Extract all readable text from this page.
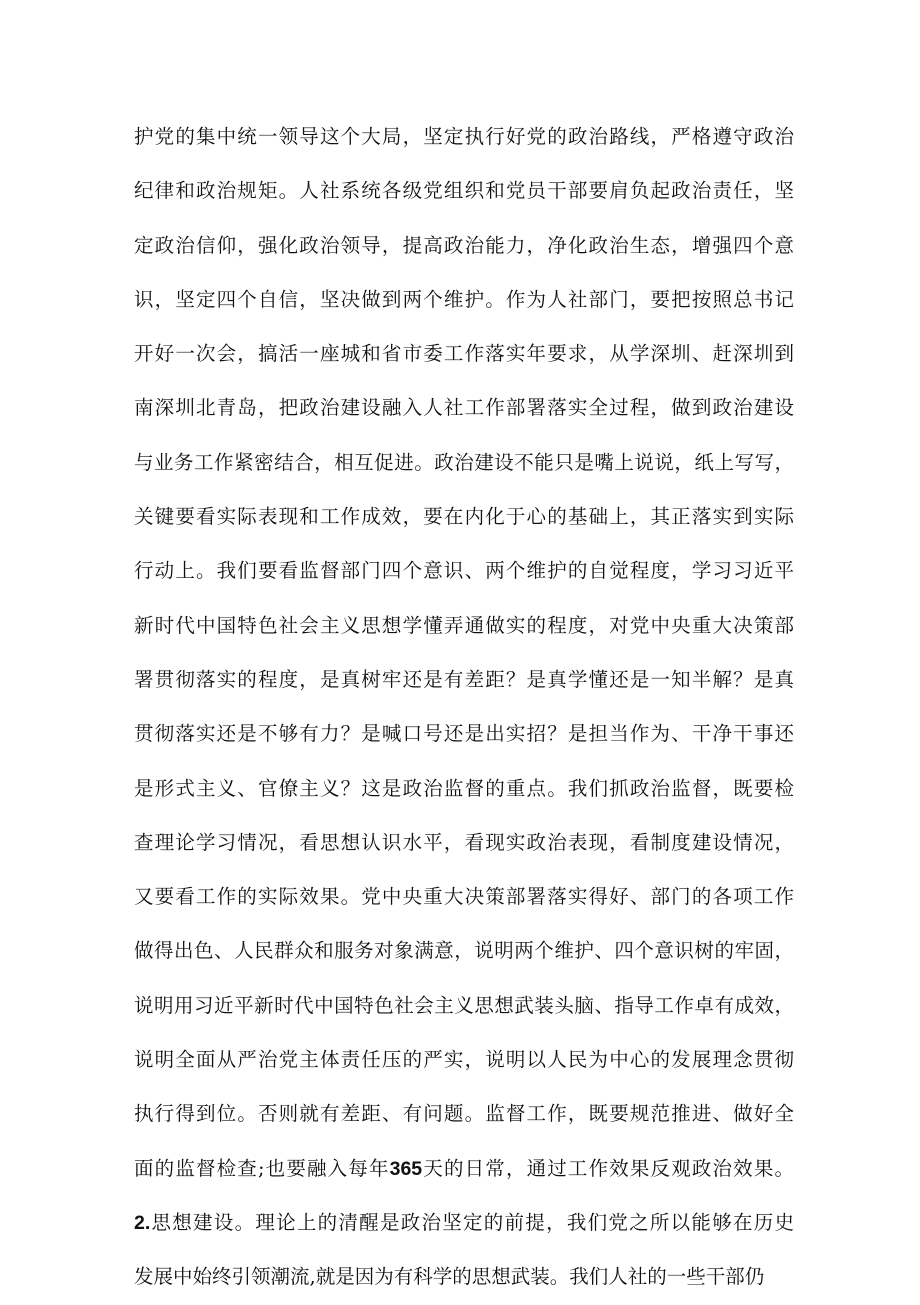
护党的集中统一领导这个大局，坚定执行好党的政治路线，严格遵守政治
纪律和政治规矩。人社系统各级党组织和党员干部要肩负起政治责任，坚
定政治信仰，强化政治领导，提高政治能力，净化政治生态，增强四个意
识，坚定四个自信，坚决做到两个维护。作为人社部门，要把按照总书记
开好一次会，搞活一座城和省市委工作落实年要求，从学深圳、赶深圳到
南深圳北青岛，把政治建设融入人社工作部署落实全过程，做到政治建设
与业务工作紧密结合，相互促进。政治建设不能只是嘴上说说，纸上写写，
关键要看实际表现和工作成效，要在内化于心的基础上，其正落实到实际
行动上。我们要看监督部门四个意识、两个维护的自觉程度，学习习近平
新时代中国特色社会主义思想学懂弄通做实的程度，对党中央重大决策部
署贯彻落实的程度，是真树牢还是有差距？是真学懂还是一知半解？是真
贯彻落实还是不够有力？是喊口号还是出实招？是担当作为、干净干事还
是形式主义、官僚主义？这是政治监督的重点。我们抓政治监督，既要检
查理论学习情况，看思想认识水平，看现实政治表现，看制度建设情况，
又要看工作的实际效果。党中央重大决策部署落实得好、部门的各项工作
做得出色、人民群众和服务对象满意，说明两个维护、四个意识树的牢固，
说明用习近平新时代中国特色社会主义思想武装头脑、指导工作卓有成效，
说明全面从严治党主体责任压的严实，说明以人民为中心的发展理念贯彻
执行得到位。否则就有差距、有问题。监督工作，既要规范推进、做好全
面的监督检查;也要融入每年365天的日常，通过工作效果反观政治效果。
2.思想建设。理论上的清醒是政治坚定的前提，我们党之所以能够在历史
发展中始终引领潮流,就是因为有科学的思想武装。我们人社的一些干部仍
